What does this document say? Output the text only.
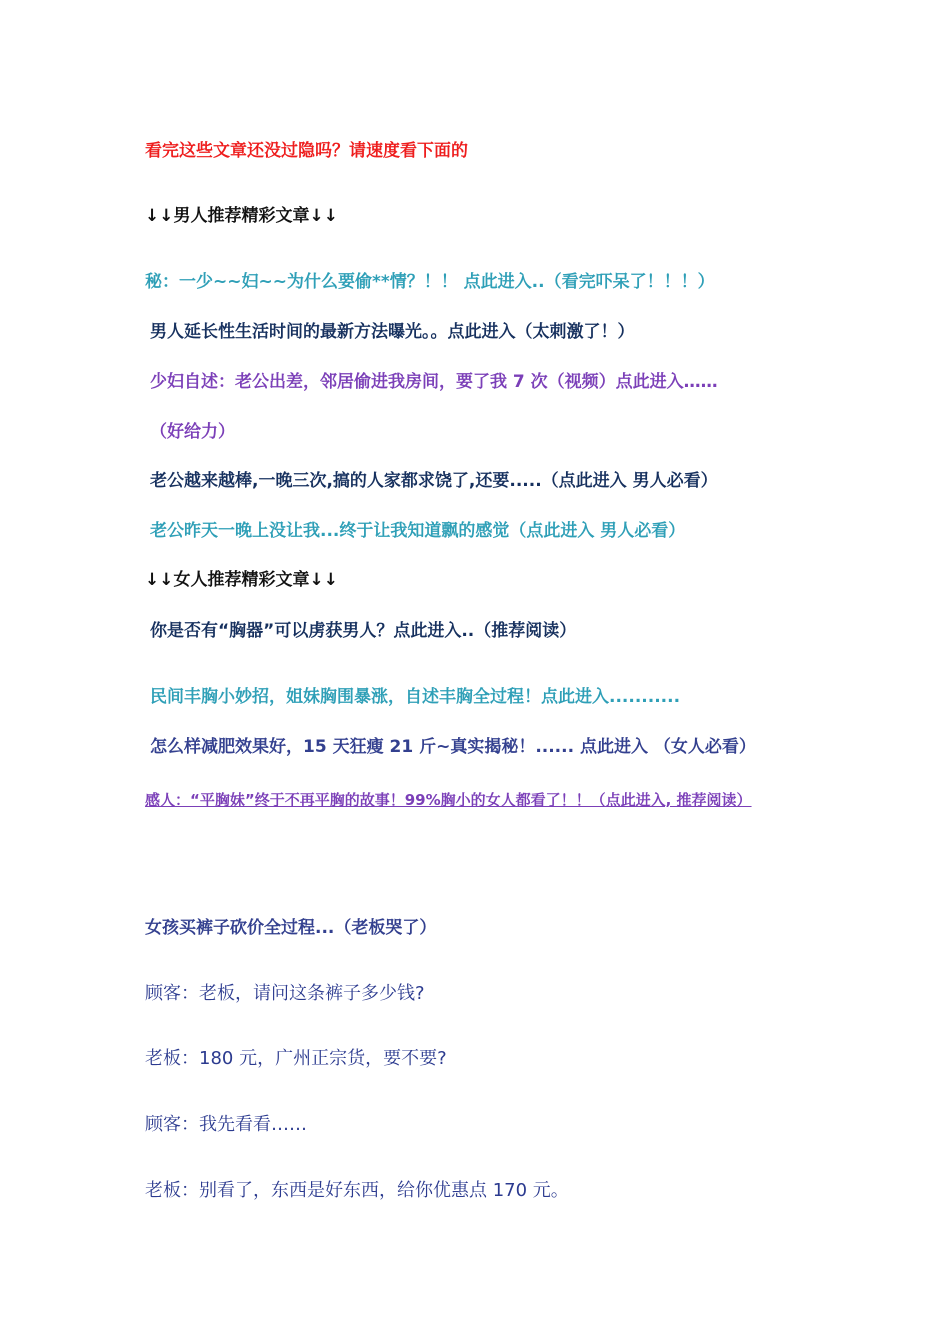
看完这些文章还没过隐吗？请速度看下面的
↓↓男人推荐精彩文章↓↓
秘：一少~~妇~~为什么要偷**情？！！ 点此进入..（看完吓呆了！！！）
男人延长性生活时间的最新方法曝光。。点此进入（太刺激了！）
少妇自述：老公出差，邻居偷进我房间，要了我 7 次（视频）点此进入……
（好给力）
老公越来越棒,一晚三次,搞的人家都求饶了,还要.....（点此进入 男人必看）
老公昨天一晚上没让我...终于让我知道飘的感觉（点此进入 男人必看）
↓↓女人推荐精彩文章↓↓
你是否有“胸器”可以虏获男人？点此进入..（推荐阅读）
民间丰胸小妙招，姐妹胸围暴涨，自述丰胸全过程！点此进入...........
怎么样减肥效果好，15 天狂瘦 21 斤~真实揭秘！...... 点此进入 （女人必看）
感人：“平胸妹”终于不再平胸的故事！99%胸小的女人都看了！！（点此进入, 推荐阅读）
女孩买裤子砍价全过程...（老板哭了）
顾客：老板，请问这条裤子多少钱?
老板：180 元，广州正宗货，要不要?
顾客：我先看看……
老板：别看了，东西是好东西，给你优惠点 170 元。
